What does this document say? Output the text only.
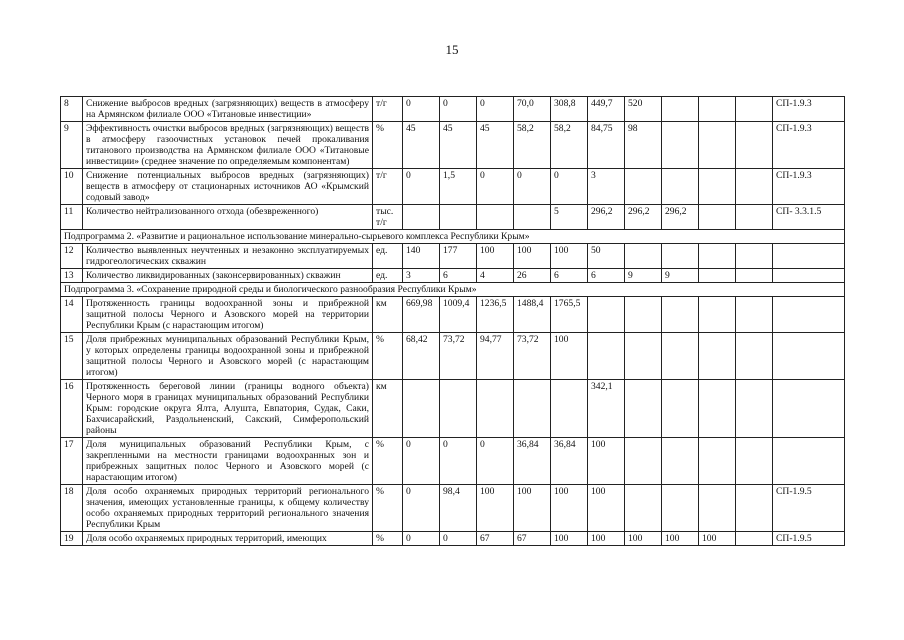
15
8	Снижение выбросов вредных (загрязняющих) веществ в атмосферу на Армянском филиале ООО «Титановые инвестиции»	т/г	0	0	0	70,0	308,8	449,7	520				СП-1.9.3
9	Эффективность очистки выбросов вредных (загрязняющих) веществ в атмосферу газоочистных установок печей прокаливания титанового производства на Армянском филиале ООО «Титановые инвестиции» (среднее значение по определяемым компонентам)	%	45	45	45	58,2	58,2	84,75	98				СП-1.9.3
10	Снижение потенциальных выбросов вредных (загрязняющих) веществ в атмосферу от стационарных источников АО «Крымский содовый завод»	т/г	0	1,5	0	0	0	3					СП-1.9.3
11	Количество нейтрализованного отхода (обезвреженного)	тыс. т/г					5	296,2	296,2	296,2			СП- 3.3.1.5
Подпрограмма 2. «Развитие и рациональное использование минерально-сырьевого комплекса Республики Крым»													
12	Количество выявленных неучтенных и незаконно эксплуатируемых гидрогеологических скважин	ед.	140	177	100	100	100	50					
13	Количество ликвидированных (законсервированных) скважин	ед.	3	6	4	26	6	6	9	9			
Подпрограмма 3. «Сохранение природной среды и биологического разнообразия Республики Крым»													
14	Протяженность границы водоохранной зоны и прибрежной защитной полосы Черного и Азовского морей на территории Республики Крым (с нарастающим итогом)	км	669,98	1009,4	1236,5	1488,4	1765,5						
15	Доля прибрежных муниципальных образований Республики Крым, у которых определены границы водоохранной зоны и прибрежной защитной полосы Черного и Азовского морей (с нарастающим итогом)	%	68,42	73,72	94,77	73,72	100						
16	Протяженность береговой линии (границы водного объекта) Черного моря в границах муниципальных образований Республики Крым: городские округа Ялта, Алушта, Евпатория, Судак, Саки, Бахчисарайский, Раздольненский, Сакский, Симферопольский районы	км						342,1					
17	Доля муниципальных образований Республики Крым, с закрепленными на местности границами водоохранных зон и прибрежных защитных полос Черного и Азовского морей (с нарастающим итогом)	%	0	0	0	36,84	36,84	100					
18	Доля особо охраняемых природных территорий регионального значения, имеющих установленные границы, к общему количеству особо охраняемых природных территорий регионального значения Республики Крым	%	0	98,4	100	100	100	100					СП-1.9.5
19	Доля особо охраняемых природных территорий, имеющих	%	0	0	67	67	100	100	100	100	100		СП-1.9.5
